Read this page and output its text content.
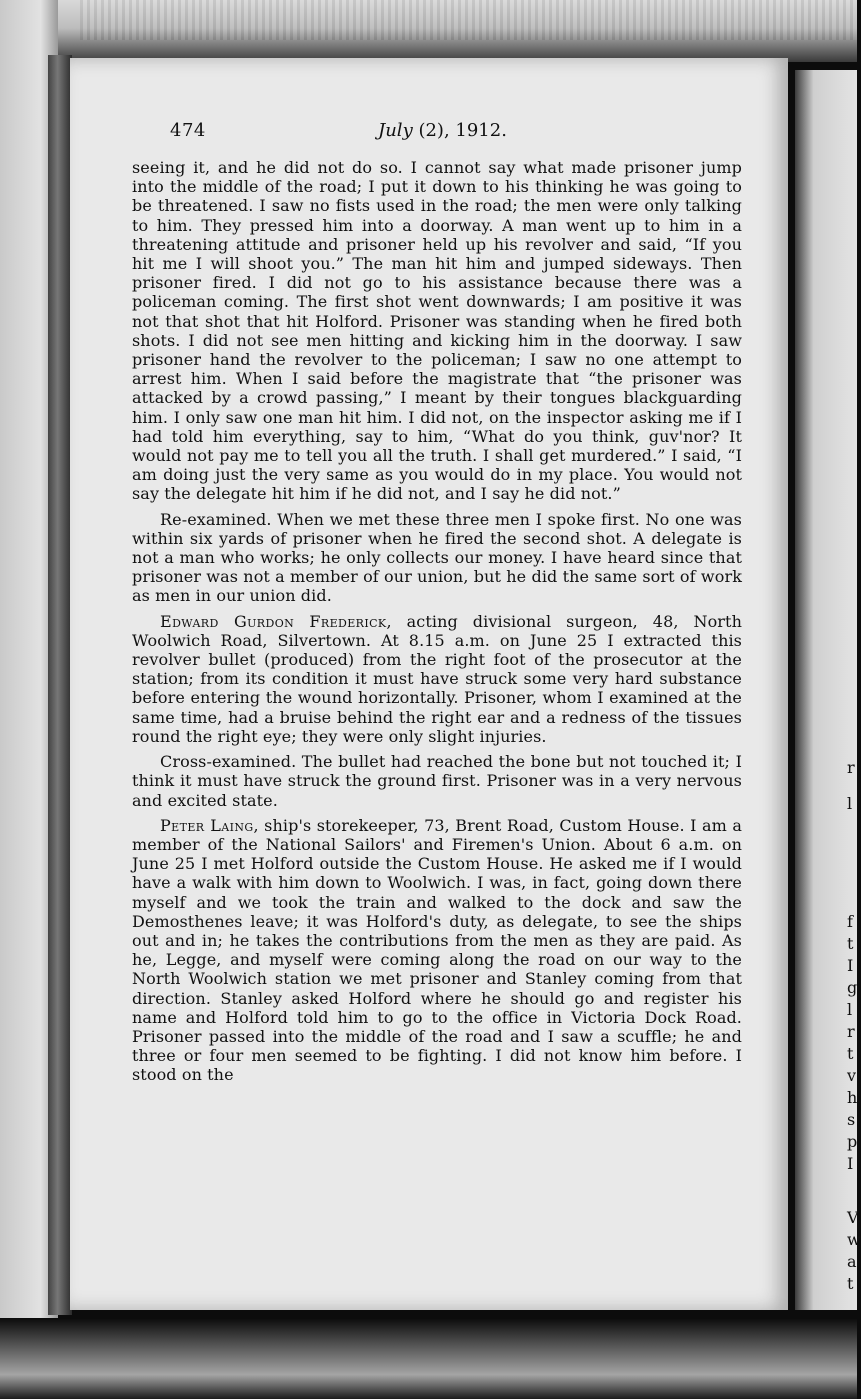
r
l
f
t
I
g
l
r
t
v
h
s
p
I
V
w
a
t
474	July (2), 1912.

seeing it, and he did not do so. I cannot say what made prisoner jump into the middle of the road; I put it down to his thinking he was going to be threatened. I saw no fists used in the road; the men were only talking to him. They pressed him into a doorway. A man went up to him in a threatening attitude and prisoner held up his revolver and said, “If you hit me I will shoot you.” The man hit him and jumped sideways. Then prisoner fired. I did not go to his assistance because there was a policeman coming. The first shot went downwards; I am positive it was not that shot that hit Holford. Prisoner was standing when he fired both shots. I did not see men hitting and kicking him in the doorway. I saw prisoner hand the revolver to the policeman; I saw no one attempt to arrest him. When I said before the magistrate that “the prisoner was attacked by a crowd passing,” I meant by their tongues blackguarding him. I only saw one man hit him. I did not, on the inspector asking me if I had told him everything, say to him, “What do you think, guv'nor? It would not pay me to tell you all the truth. I shall get murdered.” I said, “I am doing just the very same as you would do in my place. You would not say the delegate hit him if he did not, and I say he did not.”

Re-examined. When we met these three men I spoke first. No one was within six yards of prisoner when he fired the second shot. A delegate is not a man who works; he only collects our money. I have heard since that prisoner was not a member of our union, but he did the same sort of work as men in our union did.

Edward Gurdon Frederick, acting divisional surgeon, 48, North Woolwich Road, Silvertown. At 8.15 a.m. on June 25 I extracted this revolver bullet (produced) from the right foot of the prosecutor at the station; from its condition it must have struck some very hard substance before entering the wound horizontally. Prisoner, whom I examined at the same time, had a bruise behind the right ear and a redness of the tissues round the right eye; they were only slight injuries.

Cross-examined. The bullet had reached the bone but not touched it; I think it must have struck the ground first. Prisoner was in a very nervous and excited state.

Peter Laing, ship's storekeeper, 73, Brent Road, Custom House. I am a member of the National Sailors' and Firemen's Union. About 6 a.m. on June 25 I met Holford outside the Custom House. He asked me if I would have a walk with him down to Woolwich. I was, in fact, going down there myself and we took the train and walked to the dock and saw the Demosthenes leave; it was Holford's duty, as delegate, to see the ships out and in; he takes the contributions from the men as they are paid. As he, Legge, and myself were coming along the road on our way to the North Woolwich station we met prisoner and Stanley coming from that direction. Stanley asked Holford where he should go and register his name and Holford told him to go to the office in Victoria Dock Road. Prisoner passed into the middle of the road and I saw a scuffle; he and three or four men seemed to be fighting. I did not know him before. I stood on the
